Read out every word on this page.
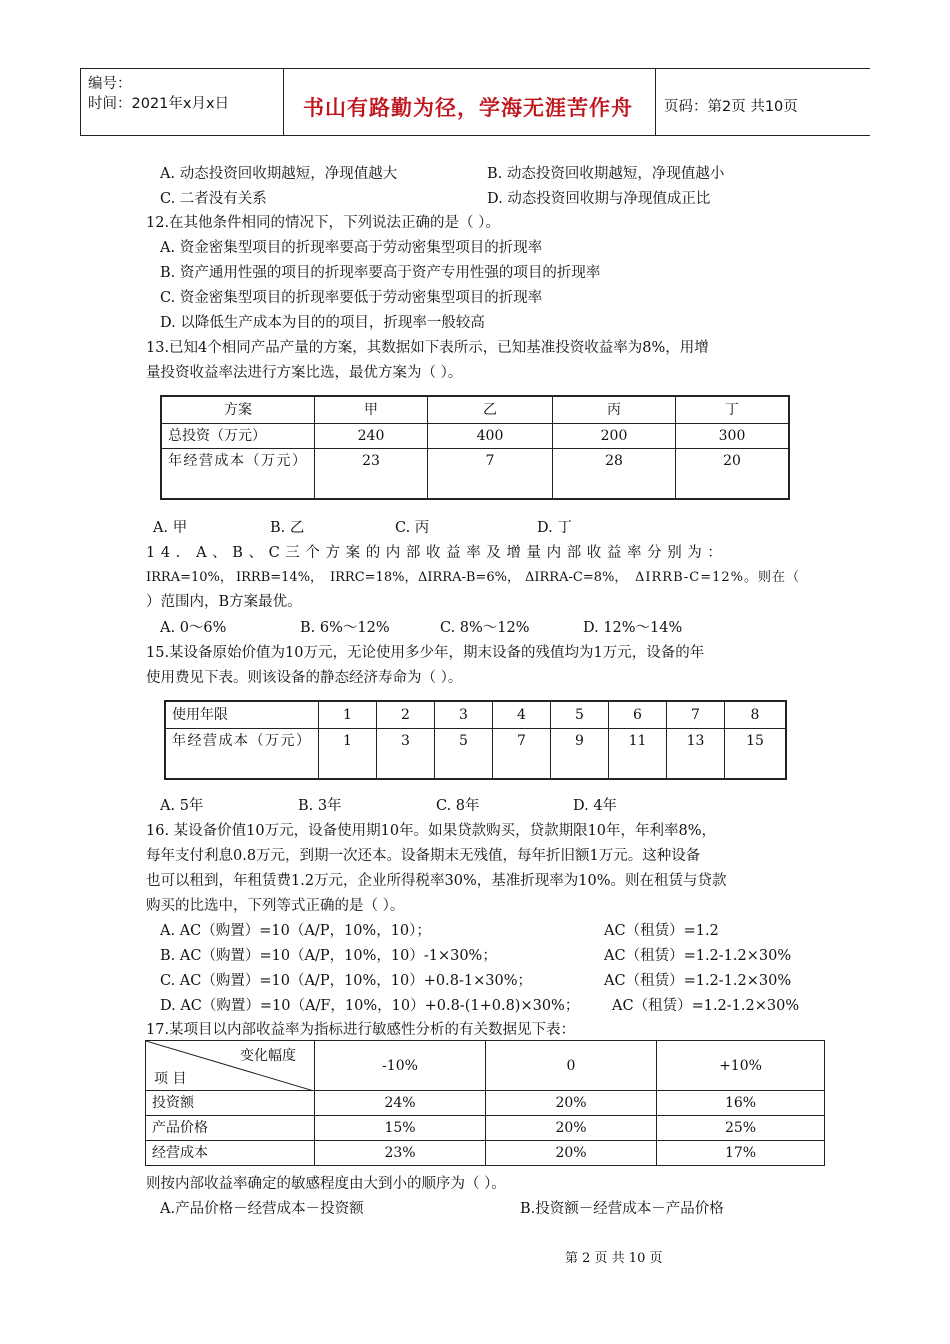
编号：
时间：2021年x月x日	书山有路勤为径，学海无涯苦作舟 页码：第2页 共10页
A. 动态投资回收期越短，净现值越大	B. 动态投资回收期越短，净现值越小
C. 二者没有关系	D. 动态投资回收期与净现值成正比
12.在其他条件相同的情况下，下列说法正确的是（ ）。
A. 资金密集型项目的折现率要高于劳动密集型项目的折现率
B. 资产通用性强的项目的折现率要高于资产专用性强的项目的折现率
C. 资金密集型项目的折现率要低于劳动密集型项目的折现率
D. 以降低生产成本为目的的项目，折现率一般较高
13.已知4个相同产品产量的方案，其数据如下表所示，已知基准投资收益率为8%，用增
量投资收益率法进行方案比选，最优方案为（ ）。
方案	甲	乙	丙	丁
总投资（万元）	240	400	200	300

年经营成本（万元）	23	7	28	20
A. 甲	B. 乙	C. 丙	D. 丁
14. A、B、C三个方案的内部收益率及增量内部收益率分别为：
IRRA=10%， IRRB=14%， IRRC=18%， ΔIRRA-B=6%， ΔIRRA-C=8%， ΔIRRB-C=12%。则在（
）范围内，B方案最优。
A. 0～6%	B. 6%～12%	C. 8%～12%	D. 12%～14%
15.某设备原始价值为10万元，无论使用多少年，期末设备的残值均为1万元，设备的年
使用费见下表。则该设备的静态经济寿命为（ ）。
使用年限	1	2	3	4	5	6	7	8

年经营成本（万元）	1	3	5	7	9	11	13	15
A. 5年	B. 3年	C. 8年	D. 4年
16. 某设备价值10万元，设备使用期10年。如果贷款购买，贷款期限10年，年利率8%，
每年支付利息0.8万元，到期一次还本。设备期末无残值，每年折旧额1万元。这种设备
也可以租到，年租赁费1.2万元，企业所得税率30%，基准折现率为10%。则在租赁与贷款
购买的比选中，下列等式正确的是（ ）。
A. AC（购置）=10（A/P，10%，10）；	AC（租赁）=1.2
B. AC（购置）=10（A/P，10%，10）-1×30%；	AC（租赁）=1.2-1.2×30%
C. AC（购置）=10（A/P，10%，10）+0.8-1×30%；	AC（租赁）=1.2-1.2×30%
D. AC（购置）=10（A/F，10%，10）+0.8-(1+0.8)×30%； AC（租赁）=1.2-1.2×30%
17.某项目以内部收益率为指标进行敏感性分析的有关数据见下表：
变化幅度
项 目	-10%	0	+10%
投资额	24%	20%	16%
产品价格	15%	20%	25%
经营成本	23%	20%	17%
则按内部收益率确定的敏感程度由大到小的顺序为（ ）。
A.产品价格－经营成本－投资额	B.投资额－经营成本－产品价格
第 2 页 共 10 页
